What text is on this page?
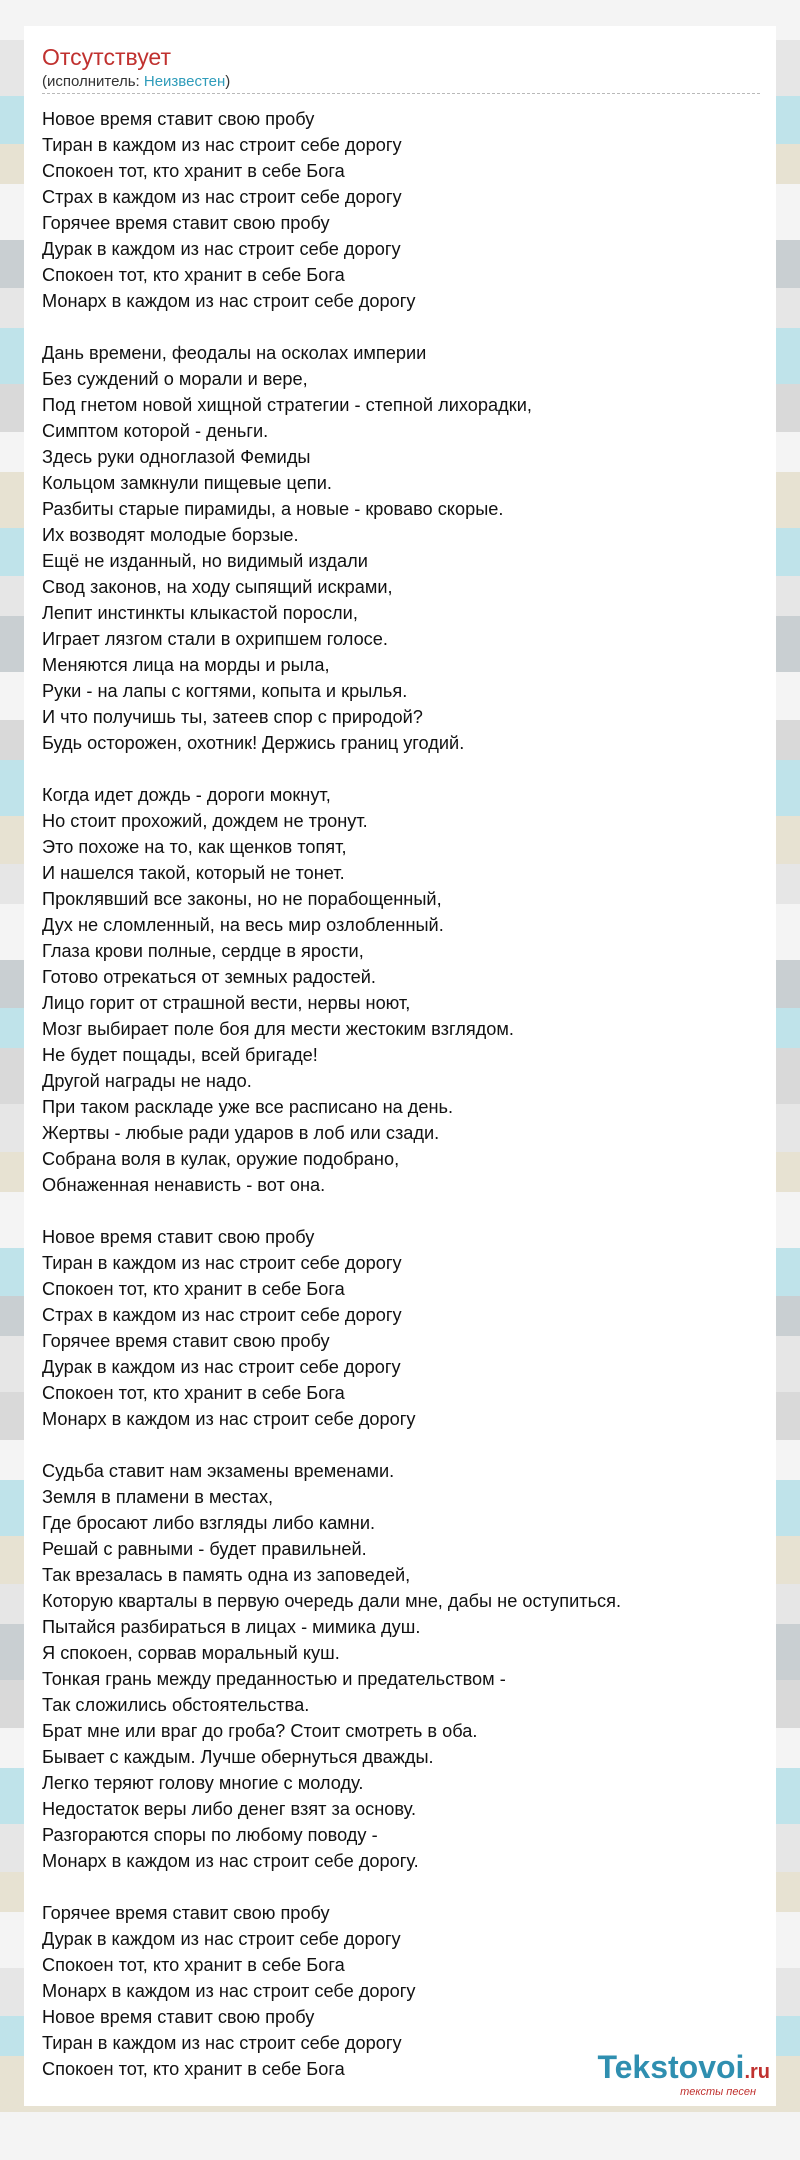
Отсутствует
(исполнитель: Неизвестен)
Новое время ставит свою пробу
Тиран в каждом из нас строит себе дорогу
Спокоен тот, кто хранит в себе Бога
Страх в каждом из нас строит себе дорогу
Горячее время ставит свою пробу
Дурак в каждом из нас строит себе дорогу
Спокоен тот, кто хранит в себе Бога
Монарх в каждом из нас строит себе дорогу
Дань времени, феодалы на осколах империи
Без суждений о морали и вере,
Под гнетом новой хищной стратегии - степной лихорадки,
Симптом которой - деньги.
Здесь руки одноглазой Фемиды
Кольцом замкнули пищевые цепи.
Разбиты старые пирамиды, а новые - кроваво скорые.
Их возводят молодые борзые.
Ещё не изданный, но видимый издали
Свод законов, на ходу сыпящий искрами,
Лепит инстинкты клыкастой поросли,
Играет лязгом стали в охрипшем голосе.
Меняются лица на морды и рыла,
Руки - на лапы с когтями, копыта и крылья.
И что получишь ты, затеев спор с природой?
Будь осторожен, охотник! Держись границ угодий.
Когда идет дождь - дороги мокнут,
Но стоит прохожий, дождем не тронут.
Это похоже на то, как щенков топят,
И нашелся такой, который не тонет.
Проклявший все законы, но не порабощенный,
Дух не сломленный, на весь мир озлобленный.
Глаза крови полные, сердце в ярости,
Готово отрекаться от земных радостей.
Лицо горит от страшной вести, нервы ноют,
Мозг выбирает поле боя для мести жестоким взглядом.
Не будет пощады, всей бригаде!
Другой награды не надо.
При таком раскладе уже все расписано на день.
Жертвы - любые ради ударов в лоб или сзади.
Собрана воля в кулак, оружие подобрано,
Обнаженная ненависть - вот она.
Новое время ставит свою пробу
Тиран в каждом из нас строит себе дорогу
Спокоен тот, кто хранит в себе Бога
Страх в каждом из нас строит себе дорогу
Горячее время ставит свою пробу
Дурак в каждом из нас строит себе дорогу
Спокоен тот, кто хранит в себе Бога
Монарх в каждом из нас строит себе дорогу
Судьба ставит нам экзамены временами.
Земля в пламени в местах,
Где бросают либо взгляды либо камни.
Решай с равными - будет правильней.
Так врезалась в память одна из заповедей,
Которую кварталы в первую очередь дали мне, дабы не оступиться.
Пытайся разбираться в лицах - мимика душ.
Я спокоен, сорвав моральный куш.
Тонкая грань между преданностью и предательством -
Так сложились обстоятельства.
Брат мне или враг до гроба? Стоит смотреть в оба.
Бывает с каждым. Лучше обернуться дважды.
Легко теряют голову многие с молоду.
Недостаток веры либо денег взят за основу.
Разгораются споры по любому поводу -
Монарх в каждом из нас строит себе дорогу.
Горячее время ставит свою пробу
Дурак в каждом из нас строит себе дорогу
Спокоен тот, кто хранит в себе Бога
Монарх в каждом из нас строит себе дорогу
Новое время ставит свою пробу
Тиран в каждом из нас строит себе дорогу
Спокоен тот, кто хранит в себе Бога	Tekstovoi.ru
тексты песен
